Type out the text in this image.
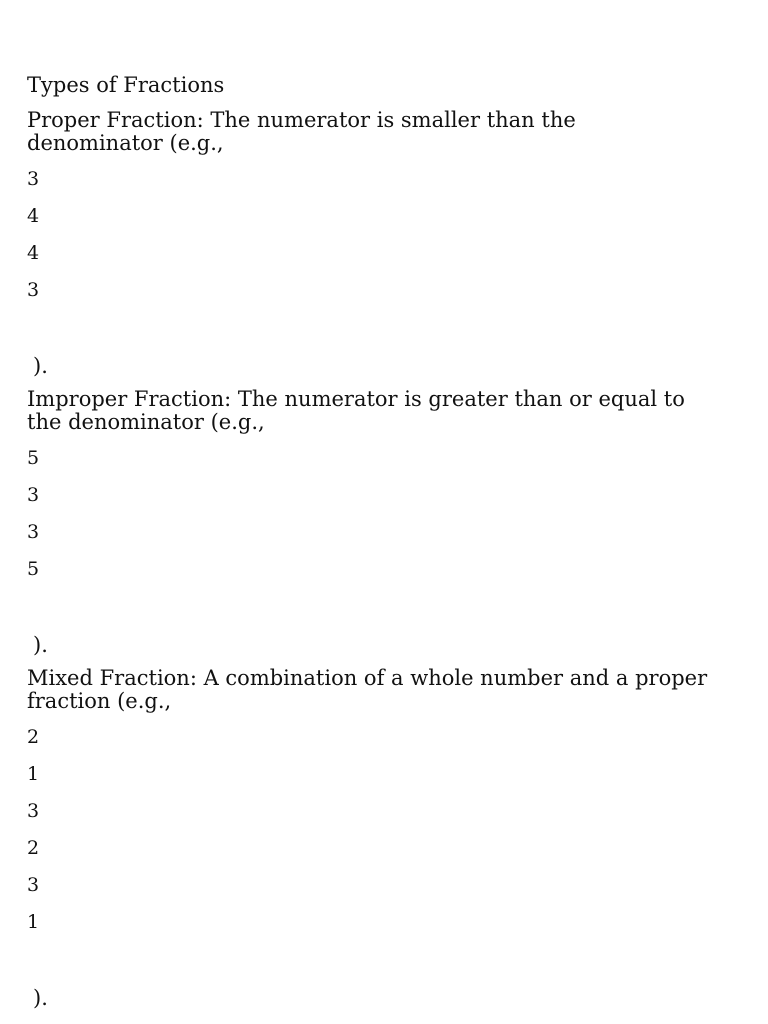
Types of Fractions

Proper Fraction: The numerator is smaller than the denominator (e.g.,

3
4
4
3

).

Improper Fraction: The numerator is greater than or equal to the denominator (e.g.,

5
3
3
5

).

Mixed Fraction: A combination of a whole number and a proper fraction (e.g.,

2
1
3
2
3
1

).
